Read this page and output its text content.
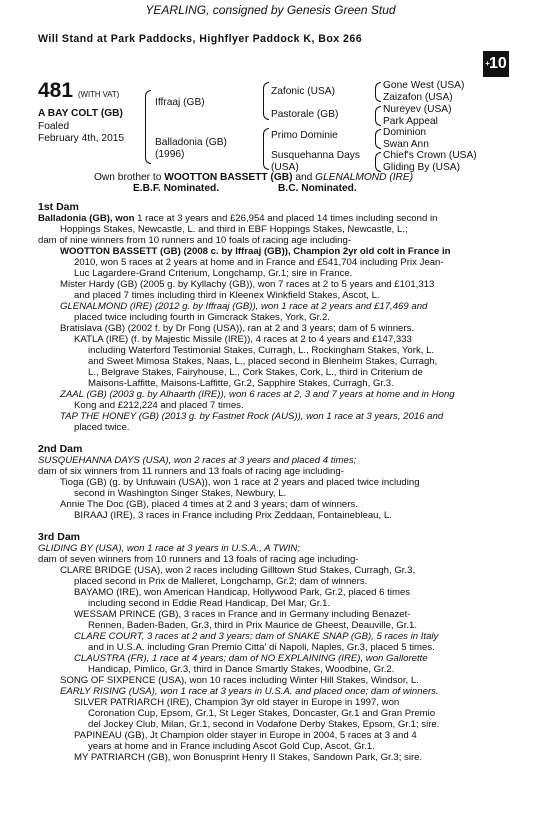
YEARLING, consigned by Genesis Green Stud
Will Stand at Park Paddocks, Highflyer Paddock K, Box 266
+ 10
481 (WITH VAT)
A BAY COLT (GB)
Foaled
February 4th, 2015
Iffraaj (GB)
Balladonia (GB)
(1996)
Zafonic (USA)
Pastorale (GB)
Primo Dominie
Susquehanna Days
(USA)
Gone West (USA)
Zaizafon (USA)
Nureyev (USA)
Park Appeal
Dominion
Swan Ann
Chief's Crown (USA)
Gliding By (USA)
Own brother to WOOTTON BASSETT (GB) and GLENALMOND (IRE)
E.B.F. Nominated.	B.C. Nominated.

1st Dam

Balladonia (GB), won 1 race at 3 years and £26,954 and placed 14 times including second in

Hoppings Stakes, Newcastle, L. and third in EBF Hoppings Stakes, Newcastle, L.;

dam of nine winners from 10 runners and 10 foals of racing age including-

WOOTTON BASSETT (GB) (2008 c. by Iffraaj (GB)), Champion 2yr old colt in France in

2010, won 5 races at 2 years at home and in France and £541,704 including Prix Jean-

Luc Lagardere-Grand Criterium, Longchamp, Gr.1; sire in France.

Mister Hardy (GB) (2005 g. by Kyllachy (GB)), won 7 races at 2 to 5 years and £101,313

and placed 7 times including third in Kleenex Winkfield Stakes, Ascot, L.

GLENALMOND (IRE) (2012 g. by Iffraaj (GB)), won 1 race at 2 years and £17,469 and

placed twice including fourth in Gimcrack Stakes, York, Gr.2.

Bratislava (GB) (2002 f. by Dr Fong (USA)), ran at 2 and 3 years; dam of 5 winners.

KATLA (IRE) (f. by Majestic Missile (IRE)), 4 races at 2 to 4 years and £147,333

including Waterford Testimonial Stakes, Curragh, L., Rockingham Stakes, York, L.

and Sweet Mimosa Stakes, Naas, L., placed second in Blenheim Stakes, Curragh,

L., Belgrave Stakes, Fairyhouse, L., Cork Stakes, Cork, L., third in Criterium de

Maisons-Laffitte, Maisons-Laffitte, Gr.2, Sapphire Stakes, Curragh, Gr.3.

ZAAL (GB) (2003 g. by Alhaarth (IRE)), won 6 races at 2, 3 and 7 years at home and in Hong

Kong and £212,224 and placed 7 times.

TAP THE HONEY (GB) (2013 g. by Fastnet Rock (AUS)), won 1 race at 3 years, 2016 and

placed twice.

2nd Dam

SUSQUEHANNA DAYS (USA), won 2 races at 3 years and placed 4 times;

dam of six winners from 11 runners and 13 foals of racing age including-

Tioga (GB) (g. by Unfuwain (USA)), won 1 race at 2 years and placed twice including

second in Washington Singer Stakes, Newbury, L.

Annie The Doc (GB), placed 4 times at 2 and 3 years; dam of winners.

BIRAAJ (IRE), 3 races in France including Prix Zeddaan, Fontainebleau, L.

3rd Dam

GLIDING BY (USA), won 1 race at 3 years in U.S.A., A TWIN;

dam of seven winners from 10 runners and 13 foals of racing age including-

CLARE BRIDGE (USA), won 2 races including Gilltown Stud Stakes, Curragh, Gr.3,

placed second in Prix de Malleret, Longchamp, Gr.2; dam of winners.

BAYAMO (IRE), won American Handicap, Hollywood Park, Gr.2, placed 6 times

including second in Eddie Read Handicap, Del Mar, Gr.1.

WESSAM PRINCE (GB), 3 races in France and in Germany including Benazet-

Rennen, Baden-Baden, Gr.3, third in Prix Maurice de Gheest, Deauville, Gr.1.

CLARE COURT, 3 races at 2 and 3 years; dam of SNAKE SNAP (GB), 5 races in Italy

and in U.S.A. including Gran Premio Citta' di Napoli, Naples, Gr.3, placed 5 times.

CLAUSTRA (FR), 1 race at 4 years; dam of NO EXPLAINING (IRE), won Gallorette

Handicap, Pimlico, Gr.3, third in Dance Smartly Stakes, Woodbine, Gr.2.

SONG OF SIXPENCE (USA), won 10 races including Winter Hill Stakes, Windsor, L.

EARLY RISING (USA), won 1 race at 3 years in U.S.A. and placed once; dam of winners.

SILVER PATRIARCH (IRE), Champion 3yr old stayer in Europe in 1997, won

Coronation Cup, Epsom, Gr.1, St Leger Stakes, Doncaster, Gr.1 and Gran Premio

del Jockey Club, Milan, Gr.1, second in Vodafone Derby Stakes, Epsom, Gr.1; sire.

PAPINEAU (GB), Jt Champion older stayer in Europe in 2004, 5 races at 3 and 4

years at home and in France including Ascot Gold Cup, Ascot, Gr.1.

MY PATRIARCH (GB), won Bonusprint Henry II Stakes, Sandown Park, Gr.3; sire.
